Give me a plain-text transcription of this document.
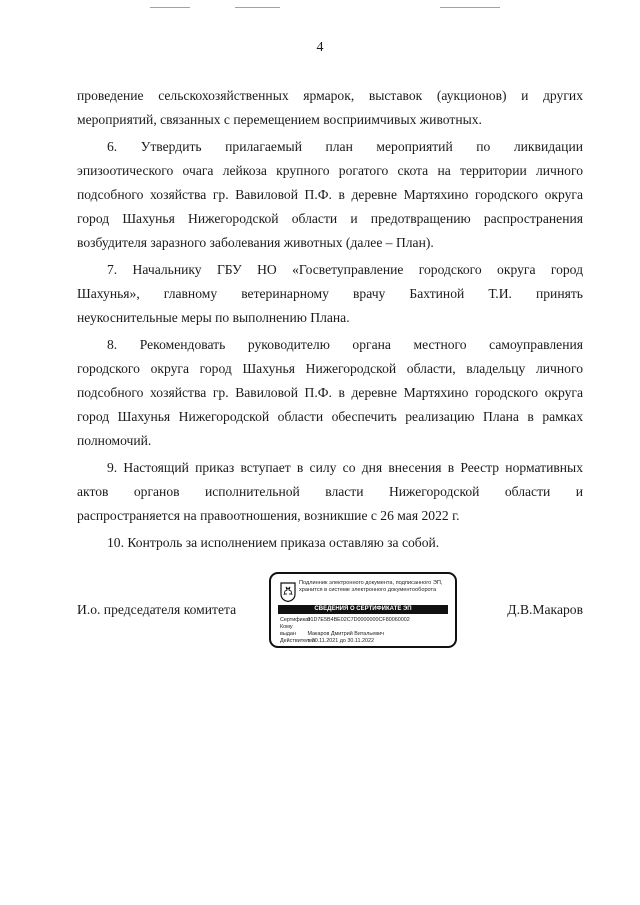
4

проведение сельскохозяйственных ярмарок, выставок (аукционов) и других
мероприятий, связанных с перемещением восприимчивых животных.

6. Утвердить прилагаемый план мероприятий по ликвидации
эпизоотического очага лейкоза крупного рогатого скота на территории личного
подсобного хозяйства гр. Вавиловой П.Ф. в деревне Мартяхино городского округа
город Шахунья Нижегородской области и предотвращению распространения
возбудителя заразного заболевания животных (далее – План).

7. Начальнику ГБУ НО «Госветуправление городского округа город
Шахунья», главному ветеринарному врачу Бахтиной Т.И. принять
неукоснительные меры по выполнению Плана.

8. Рекомендовать руководителю органа местного самоуправления
городского округа город Шахунья Нижегородской области, владельцу личного
подсобного хозяйства гр. Вавиловой П.Ф. в деревне Мартяхино городского округа
город Шахунья Нижегородской области обеспечить реализацию Плана в рамках
полномочий.

9. Настоящий приказ вступает в силу со дня внесения в Реестр нормативных
актов органов исполнительной власти Нижегородской области и
распространяется на правоотношения, возникшие с 26 мая 2022 г.

10. Контроль за исполнением приказа оставляю за собой.

И.о. председателя комитета
Подлинник электронного документа, подписанного ЭП,
хранится в системе электронного документооборота
СВЕДЕНИЯ О СЕРТИФИКАТЕ ЭП
Сертификат 01D7E5B4BE02C7D0000000CF80060002
Кому выдан Макаров Дмитрий Витальевич
Действителен с 30.11.2021 до 30.11.2022
Д.В.Макаров
